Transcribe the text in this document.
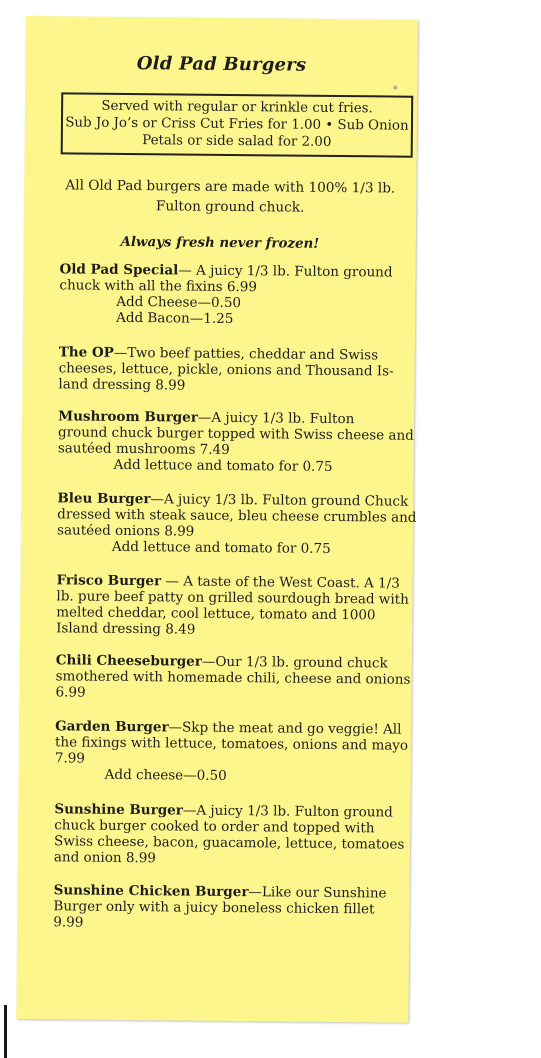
Old Pad Burgers
Served with regular or krinkle cut fries.
Sub Jo Jo’s or Criss Cut Fries for 1.00 • Sub Onion
Petals or side salad for 2.00
All Old Pad burgers are made with 100% 1/3 lb.
Fulton ground chuck.
Always fresh never frozen!
Old Pad Special— A juicy 1/3 lb. Fulton ground
chuck with all the fixins 6.99
Add Cheese—0.50
Add Bacon—1.25
The OP—Two beef patties, cheddar and Swiss
cheeses, lettuce, pickle, onions and Thousand Is-
land dressing 8.99
Mushroom Burger—A juicy 1/3 lb. Fulton
ground chuck burger topped with Swiss cheese and
sautéed mushrooms 7.49
Add lettuce and tomato for 0.75
Bleu Burger—A juicy 1/3 lb. Fulton ground Chuck
dressed with steak sauce, bleu cheese crumbles and
sautéed onions 8.99
Add lettuce and tomato for 0.75
Frisco Burger — A taste of the West Coast. A 1/3
lb. pure beef patty on grilled sourdough bread with
melted cheddar, cool lettuce, tomato and 1000
Island dressing 8.49
Chili Cheeseburger—Our 1/3 lb. ground chuck
smothered with homemade chili, cheese and onions
6.99
Garden Burger—Skp the meat and go veggie! All
the fixings with lettuce, tomatoes, onions and mayo
7.99
Add cheese—0.50
Sunshine Burger—A juicy 1/3 lb. Fulton ground
chuck burger cooked to order and topped with
Swiss cheese, bacon, guacamole, lettuce, tomatoes
and onion 8.99
Sunshine Chicken Burger—Like our Sunshine
Burger only with a juicy boneless chicken fillet
9.99
